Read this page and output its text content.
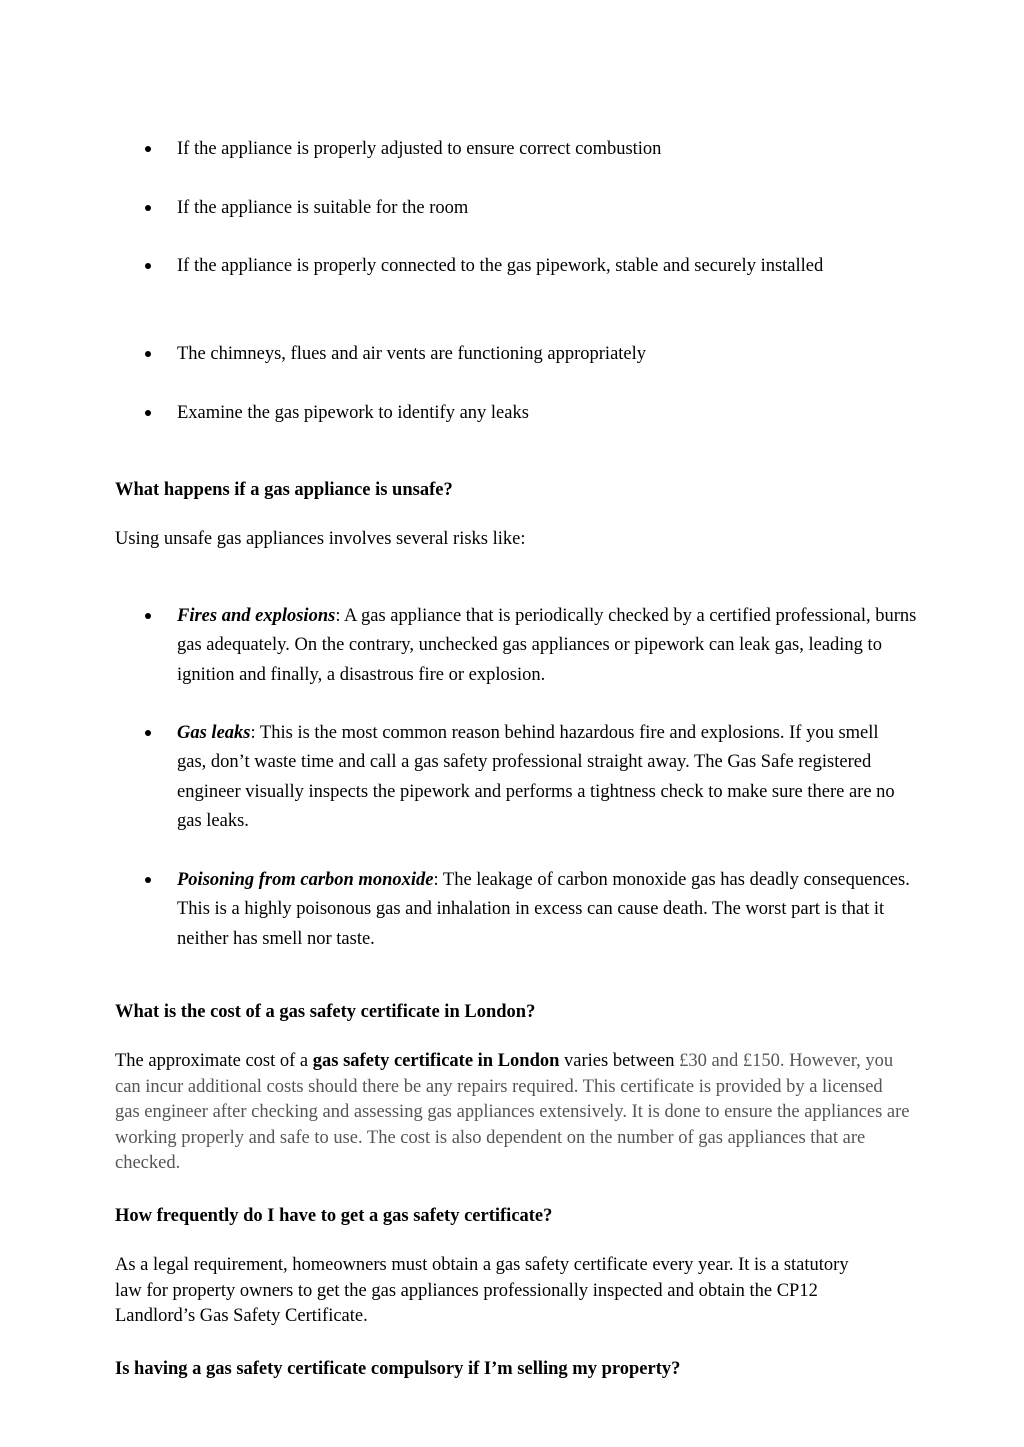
If the appliance is properly adjusted to ensure correct combustion
If the appliance is suitable for the room
If the appliance is properly connected to the gas pipework, stable and securely installed
The chimneys, flues and air vents are functioning appropriately
Examine the gas pipework to identify any leaks
What happens if a gas appliance is unsafe?
Using unsafe gas appliances involves several risks like:
Fires and explosions: A gas appliance that is periodically checked by a certified professional, burns gas adequately. On the contrary, unchecked gas appliances or pipework can leak gas, leading to ignition and finally, a disastrous fire or explosion.
Gas leaks: This is the most common reason behind hazardous fire and explosions. If you smell gas, don’t waste time and call a gas safety professional straight away. The Gas Safe registered engineer visually inspects the pipework and performs a tightness check to make sure there are no gas leaks.
Poisoning from carbon monoxide: The leakage of carbon monoxide gas has deadly consequences. This is a highly poisonous gas and inhalation in excess can cause death. The worst part is that it neither has smell nor taste.
What is the cost of a gas safety certificate in London?
The approximate cost of a gas safety certificate in London varies between £30 and £150. However, you can incur additional costs should there be any repairs required. This certificate is provided by a licensed gas engineer after checking and assessing gas appliances extensively. It is done to ensure the appliances are working properly and safe to use. The cost is also dependent on the number of gas appliances that are checked.
How frequently do I have to get a gas safety certificate?
As a legal requirement, homeowners must obtain a gas safety certificate every year. It is a statutory law for property owners to get the gas appliances professionally inspected and obtain the CP12 Landlord’s Gas Safety Certificate.
Is having a gas safety certificate compulsory if I’m selling my property?
